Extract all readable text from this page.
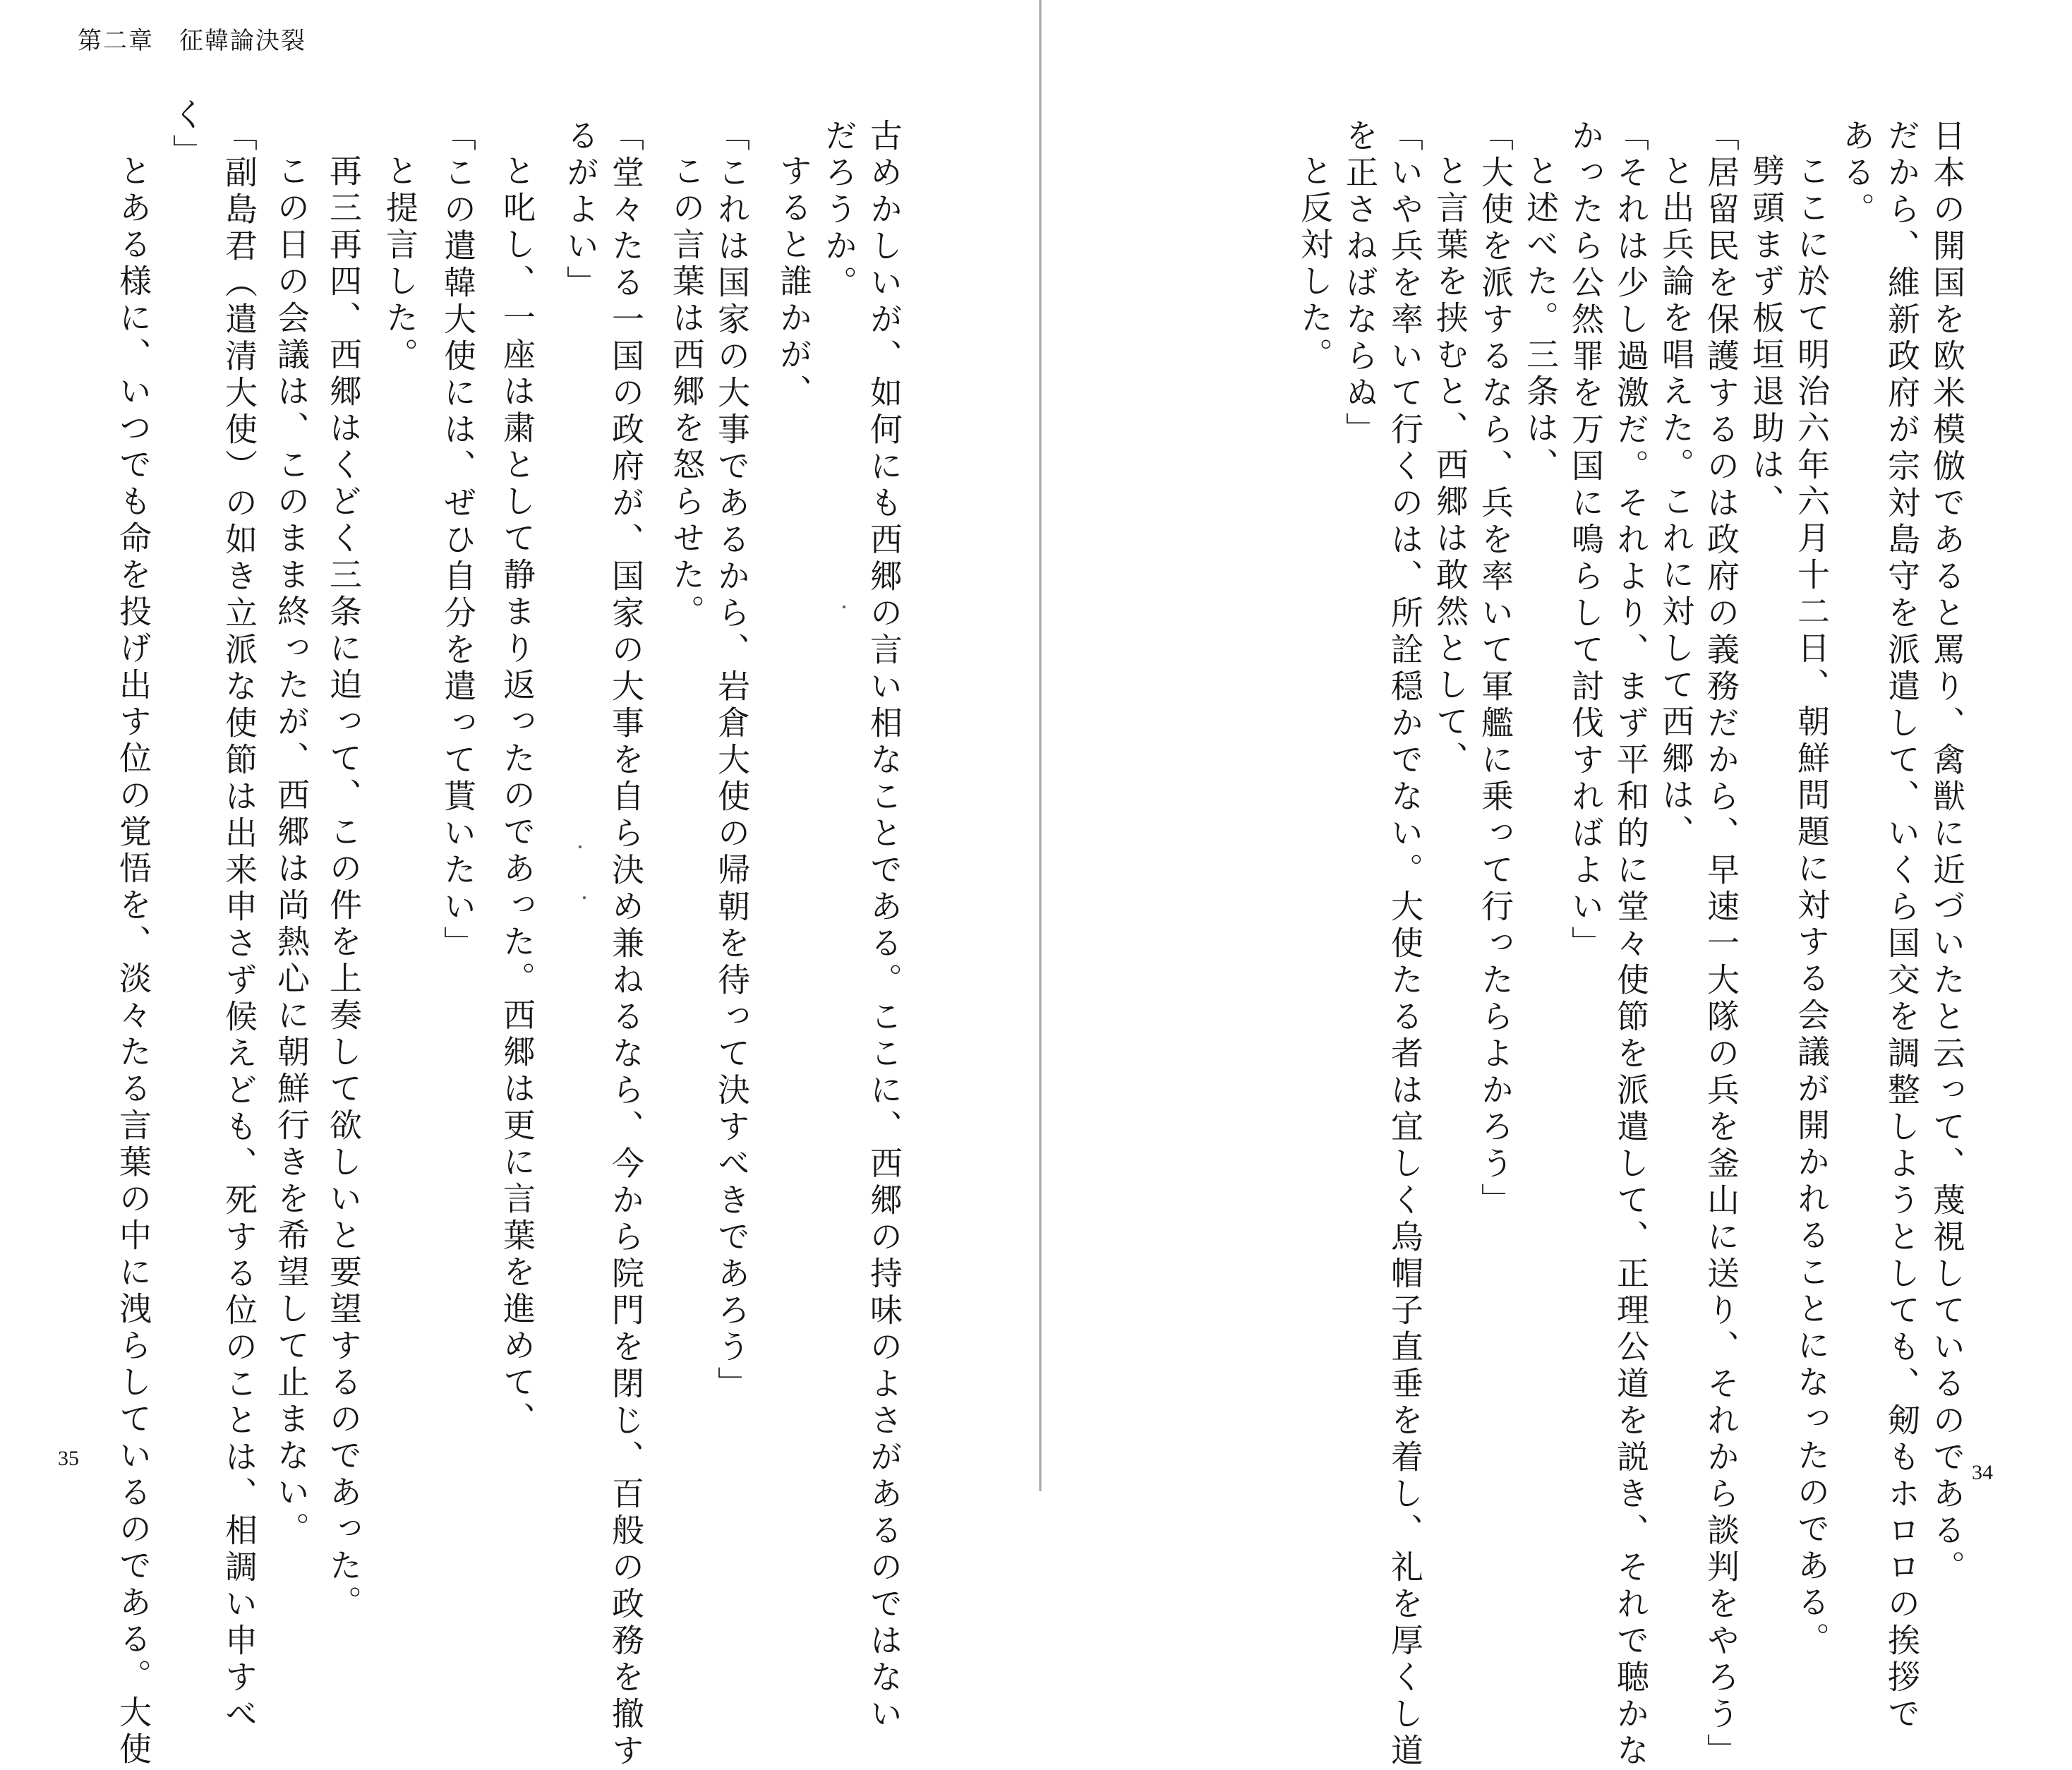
日本の開国を欧米模倣であると罵り、禽獣に近づいたと云って、蔑視しているのである。
だから、維新政府が宗対島守を派遣して、いくら国交を調整しようとしても、剱もホロロの挨拶で
ある。
ここに於て明治六年六月十二日、朝鮮問題に対する会議が開かれることになったのである。
劈頭まず板垣退助は、
「居留民を保護するのは政府の義務だから、早速一大隊の兵を釜山に送り、それから談判をやろう」
と出兵論を唱えた。これに対して西郷は、
「それは少し過激だ。それより、まず平和的に堂々使節を派遣して、正理公道を説き、それで聴かな
かったら公然罪を万国に鳴らして討伐すればよい」
と述べた。三条は、
「大使を派するなら、兵を率いて軍艦に乗って行ったらよかろう」
と言葉を挟むと、西郷は敢然として、
「いや兵を率いて行くのは、所詮穏かでない。大使たる者は宜しく烏帽子直垂を着し、礼を厚くし道
を正さねばならぬ」
と反対した。
34
第二章　征韓論決裂
古めかしいが、如何にも西郷の言い相なことである。ここに、西郷の持味のよさがあるのではない
だろうか。
すると誰かが、
「これは国家の大事であるから、岩倉大使の帰朝を待って決すべきであろう」
この言葉は西郷を怒らせた。
「堂々たる一国の政府が、国家の大事を自ら決め兼ねるなら、今から院門を閉じ、百般の政務を撤す
るがよい」
と叱し、一座は粛として静まり返ったのであった。西郷は更に言葉を進めて、
「この遣韓大使には、ぜひ自分を遣って貰いたい」
と提言した。
再三再四、西郷はくどく三条に迫って、この件を上奏して欲しいと要望するのであった。
この日の会議は、このまま終ったが、西郷は尚熱心に朝鮮行きを希望して止まない。
「副島君（遣清大使）の如き立派な使節は出来申さず候えども、死する位のことは、相調い申すべ
く」
とある様に、いつでも命を投げ出す位の覚悟を、淡々たる言葉の中に洩らしているのである。大使
35
